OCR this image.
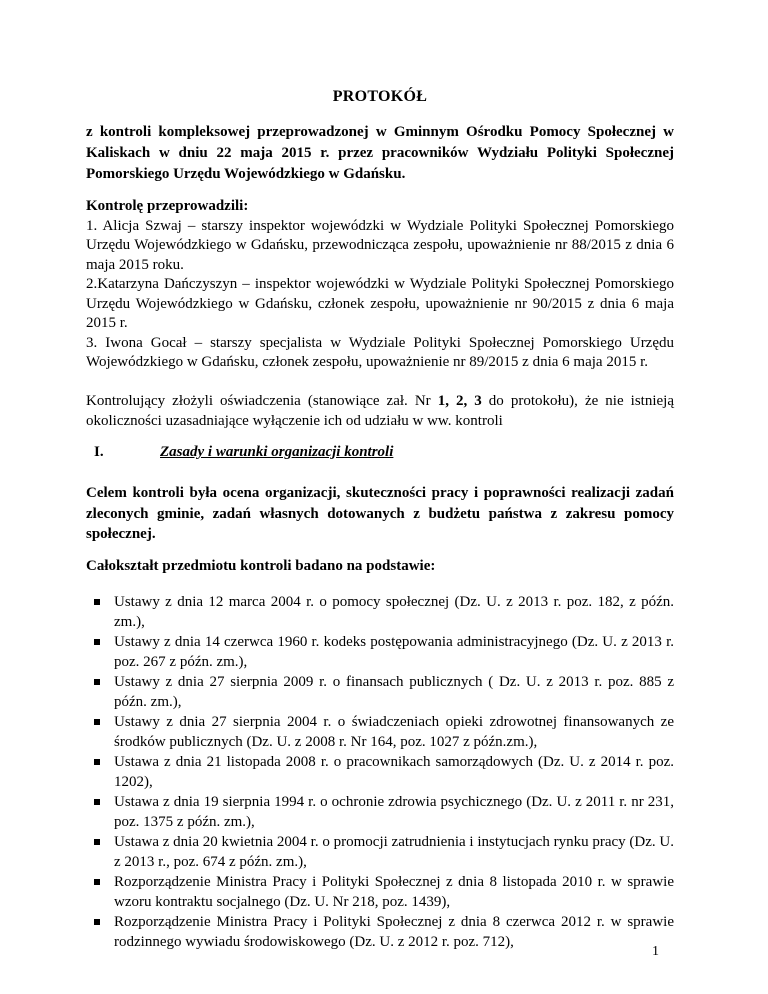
PROTOKÓŁ
z kontroli kompleksowej przeprowadzonej w Gminnym Ośrodku Pomocy Społecznej w Kaliskach w dniu 22 maja 2015 r. przez pracowników Wydziału Polityki Społecznej Pomorskiego Urzędu Wojewódzkiego w Gdańsku.
Kontrolę przeprowadzili:

1. Alicja Szwaj – starszy inspektor wojewódzki w Wydziale Polityki Społecznej Pomorskiego Urzędu Wojewódzkiego w Gdańsku, przewodnicząca zespołu, upoważnienie nr 88/2015 z dnia 6 maja 2015 roku.

2.Katarzyna Dańczyszyn – inspektor wojewódzki w Wydziale Polityki Społecznej Pomorskiego Urzędu Wojewódzkiego w Gdańsku, członek zespołu, upoważnienie nr 90/2015 z dnia 6 maja 2015 r.

3. Iwona Gocał – starszy specjalista w Wydziale Polityki Społecznej Pomorskiego Urzędu Wojewódzkiego w Gdańsku, członek zespołu, upoważnienie nr 89/2015 z dnia 6 maja 2015 r.

Kontrolujący złożyli oświadczenia (stanowiące zał. Nr 1, 2, 3 do protokołu), że nie istnieją okoliczności uzasadniające wyłączenie ich od udziału w ww. kontroli
I.	Zasady i warunki organizacji kontroli
Celem kontroli była ocena organizacji, skuteczności pracy i poprawności realizacji zadań zleconych gminie, zadań własnych dotowanych z budżetu państwa z zakresu pomocy społecznej.
Całokształt przedmiotu kontroli badano na podstawie:
Ustawy z dnia 12 marca 2004 r. o pomocy społecznej (Dz. U. z 2013 r. poz. 182, z późn. zm.),
Ustawy z dnia 14 czerwca 1960 r. kodeks postępowania administracyjnego (Dz. U. z 2013 r. poz. 267 z późn. zm.),
Ustawy z dnia 27 sierpnia 2009 r. o finansach publicznych ( Dz. U. z 2013 r. poz. 885 z późn. zm.),
Ustawy z dnia 27 sierpnia 2004 r. o świadczeniach opieki zdrowotnej finansowanych ze środków publicznych (Dz. U. z 2008 r. Nr 164, poz. 1027 z późn.zm.),
Ustawa z dnia 21 listopada 2008 r. o pracownikach samorządowych (Dz. U. z 2014 r. poz. 1202),
Ustawa z dnia 19 sierpnia 1994 r. o ochronie zdrowia psychicznego (Dz. U. z 2011 r. nr 231, poz. 1375 z późn. zm.),
Ustawa z dnia 20 kwietnia 2004 r. o promocji zatrudnienia i instytucjach rynku pracy (Dz. U. z 2013 r., poz. 674 z późn. zm.),
Rozporządzenie Ministra Pracy i Polityki Społecznej z dnia 8 listopada 2010 r. w sprawie wzoru kontraktu socjalnego (Dz. U. Nr 218, poz. 1439),
Rozporządzenie Ministra Pracy i Polityki Społecznej z dnia 8 czerwca 2012 r. w sprawie rodzinnego wywiadu środowiskowego (Dz. U. z 2012 r. poz. 712),
1
